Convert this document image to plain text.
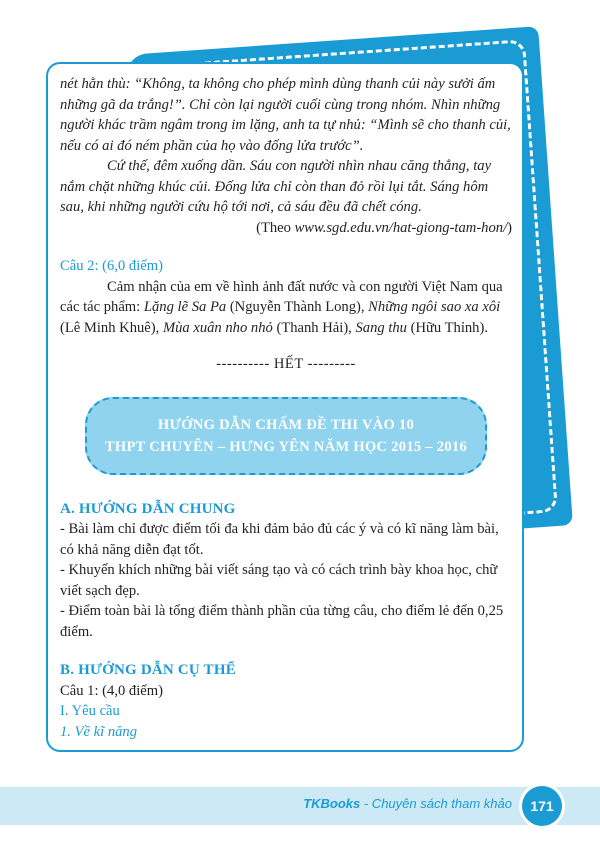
nét hằn thù: “Không, ta không cho phép mình dùng thanh củi này sưởi ấm những gã da trắng!”. Chỉ còn lại người cuối cùng trong nhóm. Nhìn những người khác trầm ngâm trong im lặng, anh ta tự nhủ: “Mình sẽ cho thanh củi, nếu có ai đó ném phần của họ vào đống lửa trước”.

Cứ thế, đêm xuống dần. Sáu con người nhìn nhau căng thẳng, tay nắm chặt những khúc củi. Đống lửa chỉ còn than đỏ rồi lụi tắt. Sáng hôm sau, khi những người cứu hộ tới nơi, cả sáu đều đã chết cóng.

(Theo www.sgd.edu.vn/hat-giong-tam-hon/)

Câu 2: (6,0 điểm)

Cảm nhận của em về hình ảnh đất nước và con người Việt Nam qua các tác phẩm: Lặng lẽ Sa Pa (Nguyễn Thành Long), Những ngôi sao xa xôi (Lê Minh Khuê), Mùa xuân nho nhỏ (Thanh Hải), Sang thu (Hữu Thỉnh).

---------- HẾT ---------

HƯỚNG DẪN CHẤM ĐỀ THI VÀO 10
THPT CHUYÊN – HƯNG YÊN NĂM HỌC 2015 – 2016

A. HƯỚNG DẪN CHUNG

- Bài làm chỉ được điểm tối đa khi đảm bảo đủ các ý và có kĩ năng làm bài, có khả năng diễn đạt tốt.

- Khuyến khích những bài viết sáng tạo và có cách trình bày khoa học, chữ viết sạch đẹp.

- Điểm toàn bài là tổng điểm thành phần của từng câu, cho điểm lẻ đến 0,25 điểm.

B. HƯỚNG DẪN CỤ THỂ

Câu 1: (4,0 điểm)

I. Yêu cầu

1. Về kĩ năng

TKBooks - Chuyên sách tham khảo	171
